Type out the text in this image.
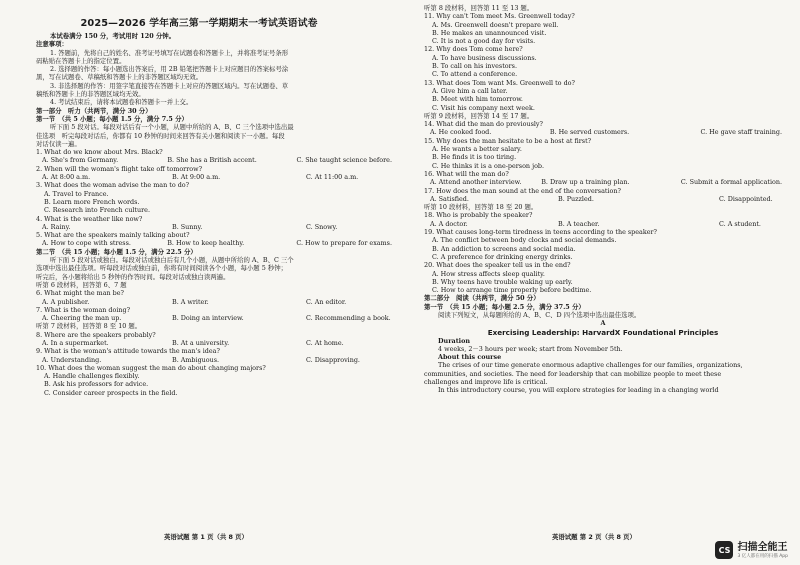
2025—2026 学年高三第一学期期末一考试英语试卷
本试卷满分 150 分，考试用时 120 分钟。
注意事项：
1. 答题前，先将自己的姓名、准考证号填写在试题卷和答题卡上，并将准考证号条形
码粘贴在答题卡上的指定位置。
2. 选择题的作答：每小题选出答案后，用 2B 铅笔把答题卡上对应题目的答案标号涂
黑，写在试题卷、草稿纸和答题卡上的非答题区域均无效。
3. 非选择题的作答：用签字笔直接答在答题卡上对应的答题区域内。写在试题卷、草
稿纸和答题卡上的非答题区域均无效。
4. 考试结束后，请将本试题卷和答题卡一并上交。
第一部分　听力（共两节，满分 30 分）
第一节　（共 5 小题；每小题 1.5 分，满分 7.5 分）
听下面 5 段对话。每段对话后有一个小题，从题中所给的 A、B、C 三个选项中选出最
佳选项　听完每段对话后，你都有 10 秒钟的时间来回答有关小题和阅读下一小题。每段
对话仅读一遍。
1. What do we know about Mrs. Black?
A. She's from Germany.	B. She has a British accent.	C. She taught science before.
2. When will the woman's flight take off tomorrow?
A. At 8:00 a.m.	B. At 9:00 a.m.	C. At 11:00 a.m.
3. What does the woman advise the man to do?
A. Travel to France.
B. Learn more French words.
C. Research into French culture.
4. What is the weather like now?
A. Rainy.	B. Sunny.	C. Snowy.
5. What are the speakers mainly talking about?
A. How to cope with stress.	B. How to keep healthy.	C. How to prepare for exams.
第二节　（共 15 小题；每小题 1.5 分，满分 22.5 分）
听下面 5 段对话或独白。每段对话或独白后有几个小题，从题中所给的 A、B、C 三个
选项中选出最佳选项。听每段对话或独白前，你将有时间阅读各个小题，每小题 5 秒钟；
听完后，各小题将给出 5 秒钟的作答时间。每段对话或独白读两遍。
听第 6 段材料，回答第 6、7 题
6. What might the man be?
A. A publisher.	B. A writer.	C. An editor.
7. What is the woman doing?
A. Cheering the man up.	B. Doing an interview.	C. Recommending a book.
听第 7 段材料，回答第 8 至 10 题。
8. Where are the speakers probably?
A. In a supermarket.	B. At a university.	C. At home.
9. What is the woman's attitude towards the man's idea?
A. Understanding.	B. Ambiguous.	C. Disapproving.
10. What does the woman suggest the man do about changing majors?
A. Handle challenges flexibly.
B. Ask his professors for advice.
C. Consider career prospects in the field.
英语试题 第 1 页（共 8 页）
听第 8 段材料，回答第 11 至 13 题。
11. Why can't Tom meet Ms. Greenwell today?
A. Ms. Greenwell doesn't prepare well.
B. He makes an unannounced visit.
C. It is not a good day for visits.
12. Why does Tom come here?
A. To have business discussions.
B. To call on his investors.
C. To attend a conference.
13. What does Tom want Ms. Greenwell to do?
A. Give him a call later.
B. Meet with him tomorrow.
C. Visit his company next week.
听第 9 段材料，回答第 14 至 17 题。
14. What did the man do previously?
A. He cooked food.	B. He served customers.	C. He gave staff training.
15. Why does the man hesitate to be a host at first?
A. He wants a better salary.
B. He finds it is too tiring.
C. He thinks it is a one-person job.
16. What will the man do?
A. Attend another interview.	B. Draw up a training plan.	C. Submit a formal application.
17. How does the man sound at the end of the conversation?
A. Satisfied.	B. Puzzled.	C. Disappointed.
听第 10 段材料，回答第 18 至 20 题。
18. Who is probably the speaker?
A. A doctor.	B. A teacher.	C. A student.
19. What causes long-term tiredness in teens according to the speaker?
A. The conflict between body clocks and social demands.
B. An addiction to screens and social media.
C. A preference for drinking energy drinks.
20. What does the speaker tell us in the end?
A. How stress affects sleep quality.
B. Why teens have trouble waking up early.
C. How to arrange time properly before bedtime.
第二部分　阅读（共两节，满分 50 分）
第一节　（共 15 小题；每小题 2.5 分，满分 37.5 分）
阅读下列短文，从每题所给的 A、B、C、D 四个选项中选出最佳选项。
A
Exercising Leadership: HarvardX Foundational Principles
Duration
4 weeks, 2－3 hours per week; start from November 5th.
About this course
The crises of our time generate enormous adaptive challenges for our families, organizations,
communities, and societies. The need for leadership that can mobilize people to meet these
challenges and improve life is critical.
In this introductory course, you will explore strategies for leading in a changing world
英语试题 第 2 页（共 8 页）
CS 扫描全能王
3 亿人都在用的扫描 App
